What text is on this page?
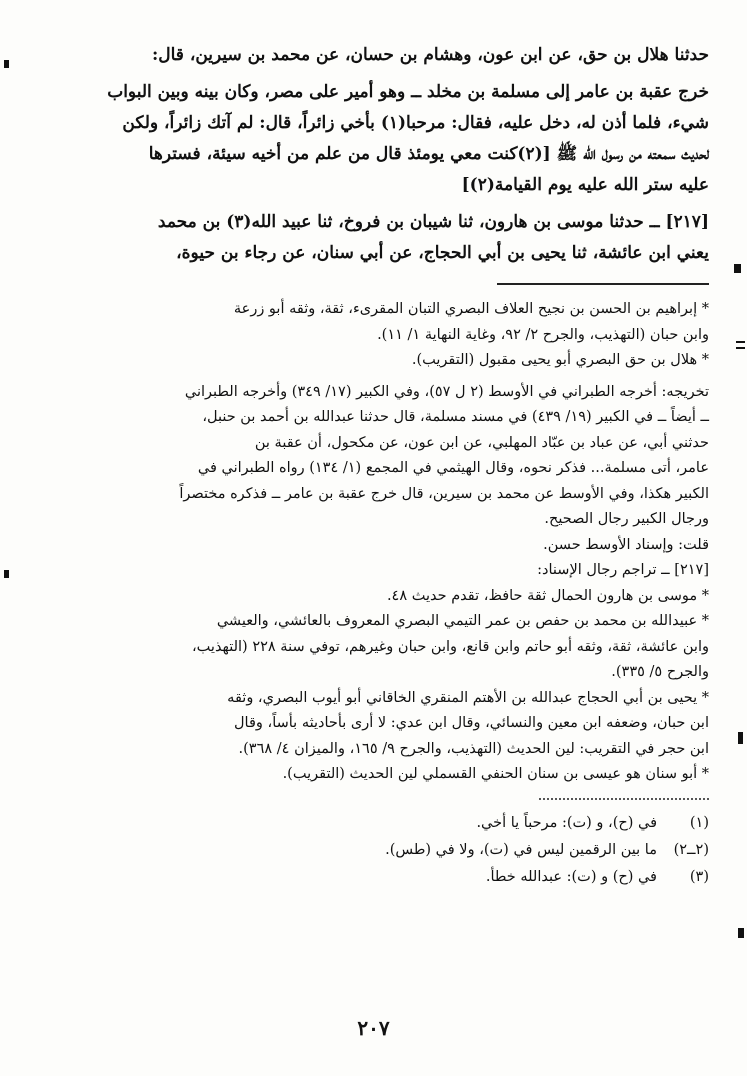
حدثنا هلال بن حق، عن ابن عون، وهشام بن حسان، عن محمد بن سيرين، قال:

خرج عقبة بن عامر إلى مسلمة بن مخلد ــ وهو أمير على مصر، وكان بينه وبين البواب

شيء، فلما أذن له، دخل عليه، فقال: مرحبا(١) بأخي زائراً، قال: لم آتك زائراً، ولكن

لحديث سمعته من رسول الله ﷺ [(٢)كنت معي يومئذ قال من علم من أخيه سيئة، فسترها

عليه ستر الله عليه يوم القيامة(٢)]

[٢١٧] ــ حدثنا موسى بن هارون، ثنا شيبان بن فروخ، ثنا عبيد الله(٣) بن محمد

يعني ابن عائشة، ثنا يحيى بن أبي الحجاج، عن أبي سنان، عن رجاء بن حيوة،

* إبراهيم بن الحسن بن نجيح العلاف البصري التبان المقرىء، ثقة، وثقه أبو زرعة

وابن حبان (التهذيب، والجرح ٢/ ٩٢، وغاية النهاية ١/ ١١).

* هلال بن حق البصري أبو يحيى مقبول (التقريب).

تخريجه: أخرجه الطبراني في الأوسط (٢ ل ٥٧)، وفي الكبير (١٧/ ٣٤٩) وأخرجه الطبراني

ــ أيضاً ــ في الكبير (١٩/ ٤٣٩) في مسند مسلمة، قال حدثنا عبدالله بن أحمد بن حنبل،

حدثني أبي، عن عباد بن عبّاد المهلبي، عن ابن عون، عن مكحول، أن عقبة بن

عامر، أتى مسلمة... فذكر نحوه، وقال الهيثمي في المجمع (١/ ١٣٤) رواه الطبراني في

الكبير هكذا، وفي الأوسط عن محمد بن سيرين، قال خرج عقبة بن عامر ــ فذكره مختصراً

ورجال الكبير رجال الصحيح.

قلت: وإسناد الأوسط حسن.

[٢١٧] ــ تراجم رجال الإسناد:

* موسى بن هارون الحمال ثقة حافظ، تقدم حديث ٤٨.

* عبيدالله بن محمد بن حفص بن عمر التيمي البصري المعروف بالعائشي، والعيشي

وابن عائشة، ثقة، وثقه أبو حاتم وابن قانع، وابن حبان وغيرهم، توفي سنة ٢٢٨ (التهذيب،

والجرح ٥/ ٣٣٥).

* يحيى بن أبي الحجاج عبدالله بن الأهتم المنقري الخاقاني أبو أيوب البصري، وثقه

ابن حبان، وضعفه ابن معين والنسائي، وقال ابن عدي: لا أرى بأحاديثه بأساً، وقال

ابن حجر في التقريب: لين الحديث (التهذيب، والجرح ٩/ ١٦٥، والميزان ٤/ ٣٦٨).

* أبو سنان هو عيسى بن سنان الحنفي القسملي لين الحديث (التقريب).

(١)
في (ح)، و (ت): مرحباً يا أخي.
(٢ــ٢)
ما بين الرقمين ليس في (ت)، ولا في (طس).
(٣)
في (ح) و (ت): عبدالله خطأ.
٢٠٧
